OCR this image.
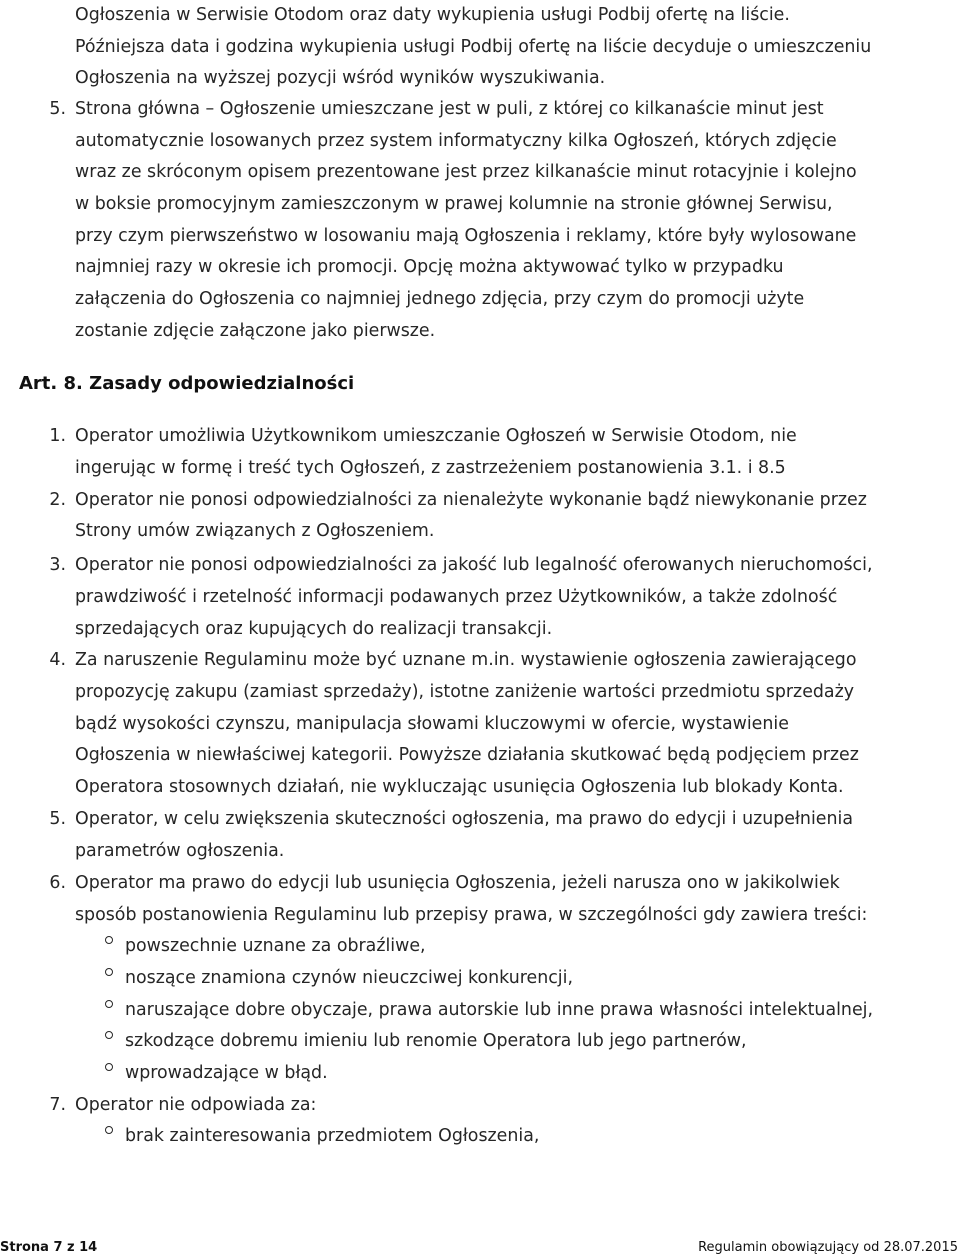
Ogłoszenia w Serwisie Otodom oraz daty wykupienia usługi Podbij ofertę na liście.
Późniejsza data i godzina wykupienia usługi Podbij ofertę na liście decyduje o umieszczeniu
Ogłoszenia na wyższej pozycji wśród wyników wyszukiwania.
5. Strona główna – Ogłoszenie umieszczane jest w puli, z której co kilkanaście minut jest
automatycznie losowanych przez system informatyczny kilka Ogłoszeń, których zdjęcie
wraz ze skróconym opisem prezentowane jest przez kilkanaście minut rotacyjnie i kolejno
w boksie promocyjnym zamieszczonym w prawej kolumnie na stronie głównej Serwisu,
przy czym pierwszeństwo w losowaniu mają Ogłoszenia i reklamy, które były wylosowane
najmniej razy w okresie ich promocji. Opcję można aktywować tylko w przypadku
załączenia do Ogłoszenia co najmniej jednego zdjęcia, przy czym do promocji użyte
zostanie zdjęcie załączone jako pierwsze.
Art. 8. Zasady odpowiedzialności
1. Operator umożliwia Użytkownikom umieszczanie Ogłoszeń w Serwisie Otodom, nie
ingerując w formę i treść tych Ogłoszeń, z zastrzeżeniem postanowienia 3.1. i 8.5
2. Operator nie ponosi odpowiedzialności za nienależyte wykonanie bądź niewykonanie przez
Strony umów związanych z Ogłoszeniem.
3. Operator nie ponosi odpowiedzialności za jakość lub legalność oferowanych nieruchomości,
prawdziwość i rzetelność informacji podawanych przez Użytkowników, a także zdolność
sprzedających oraz kupujących do realizacji transakcji.
4. Za naruszenie Regulaminu może być uznane m.in. wystawienie ogłoszenia zawierającego
propozycję zakupu (zamiast sprzedaży), istotne zaniżenie wartości przedmiotu sprzedaży
bądź wysokości czynszu, manipulacja słowami kluczowymi w ofercie, wystawienie
Ogłoszenia w niewłaściwej kategorii. Powyższe działania skutkować będą podjęciem przez
Operatora stosownych działań, nie wykluczając usunięcia Ogłoszenia lub blokady Konta.
5. Operator, w celu zwiększenia skuteczności ogłoszenia, ma prawo do edycji i uzupełnienia
parametrów ogłoszenia.
6. Operator ma prawo do edycji lub usunięcia Ogłoszenia, jeżeli narusza ono w jakikolwiek
sposób postanowienia Regulaminu lub przepisy prawa, w szczególności gdy zawiera treści:
powszechnie uznane za obraźliwe,
noszące znamiona czynów nieuczciwej konkurencji,
naruszające dobre obyczaje, prawa autorskie lub inne prawa własności intelektualnej,
szkodzące dobremu imieniu lub renomie Operatora lub jego partnerów,
wprowadzające w błąd.
7. Operator nie odpowiada za:
brak zainteresowania przedmiotem Ogłoszenia,
Strona 7 z 14	Regulamin obowiązujący od 28.07.2015
